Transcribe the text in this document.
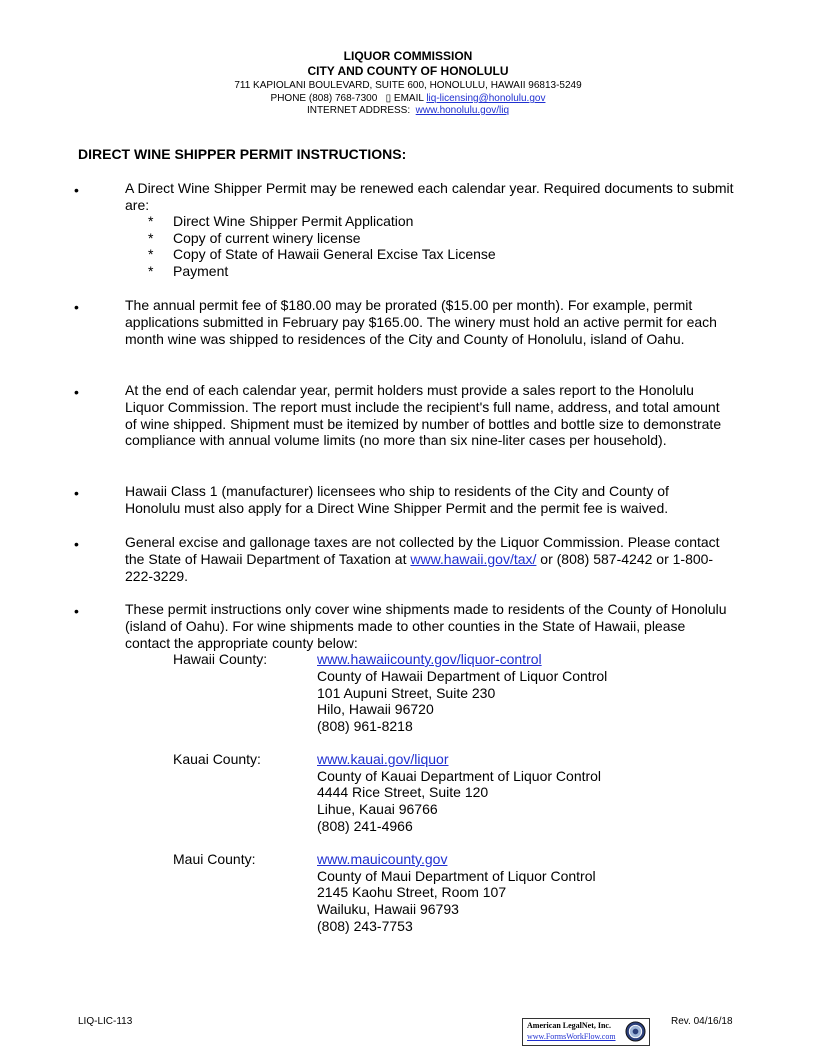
LIQUOR COMMISSION
CITY AND COUNTY OF HONOLULU
711 KAPIOLANI BOULEVARD, SUITE 600, HONOLULU, HAWAII 96813-5249
PHONE (808) 768-7300 ▯ EMAIL liq-licensing@honolulu.gov
INTERNET ADDRESS: www.honolulu.gov/liq
DIRECT WINE SHIPPER PERMIT INSTRUCTIONS:
•	A Direct Wine Shipper Permit may be renewed each calendar year. Required documents to submit are:
* Direct Wine Shipper Permit Application
* Copy of current winery license
* Copy of State of Hawaii General Excise Tax License
* Payment
•	The annual permit fee of $180.00 may be prorated ($15.00 per month). For example, permit applications submitted in February pay $165.00. The winery must hold an active permit for each month wine was shipped to residences of the City and County of Honolulu, island of Oahu.
•	At the end of each calendar year, permit holders must provide a sales report to the Honolulu Liquor Commission. The report must include the recipient's full name, address, and total amount of wine shipped. Shipment must be itemized by number of bottles and bottle size to demonstrate compliance with annual volume limits (no more than six nine-liter cases per household).
•	Hawaii Class 1 (manufacturer) licensees who ship to residents of the City and County of Honolulu must also apply for a Direct Wine Shipper Permit and the permit fee is waived.
•	General excise and gallonage taxes are not collected by the Liquor Commission. Please contact the State of Hawaii Department of Taxation at www.hawaii.gov/tax/ or (808) 587-4242 or 1-800-222-3229.
•	These permit instructions only cover wine shipments made to residents of the County of Honolulu (island of Oahu). For wine shipments made to other counties in the State of Hawaii, please contact the appropriate county below:
Hawaii County:	www.hawaiicounty.gov/liquor-control
County of Hawaii Department of Liquor Control
101 Aupuni Street, Suite 230
Hilo, Hawaii 96720
(808) 961-8218
Kauai County:	www.kauai.gov/liquor
County of Kauai Department of Liquor Control
4444 Rice Street, Suite 120
Lihue, Kauai 96766
(808) 241-4966
Maui County:	www.mauicounty.gov
County of Maui Department of Liquor Control
2145 Kaohu Street, Room 107
Wailuku, Hawaii 96793
(808) 243-7753
LIQ-LIC-113	Rev. 04/16/18
American LegalNet, Inc.
www.FormsWorkFlow.com
